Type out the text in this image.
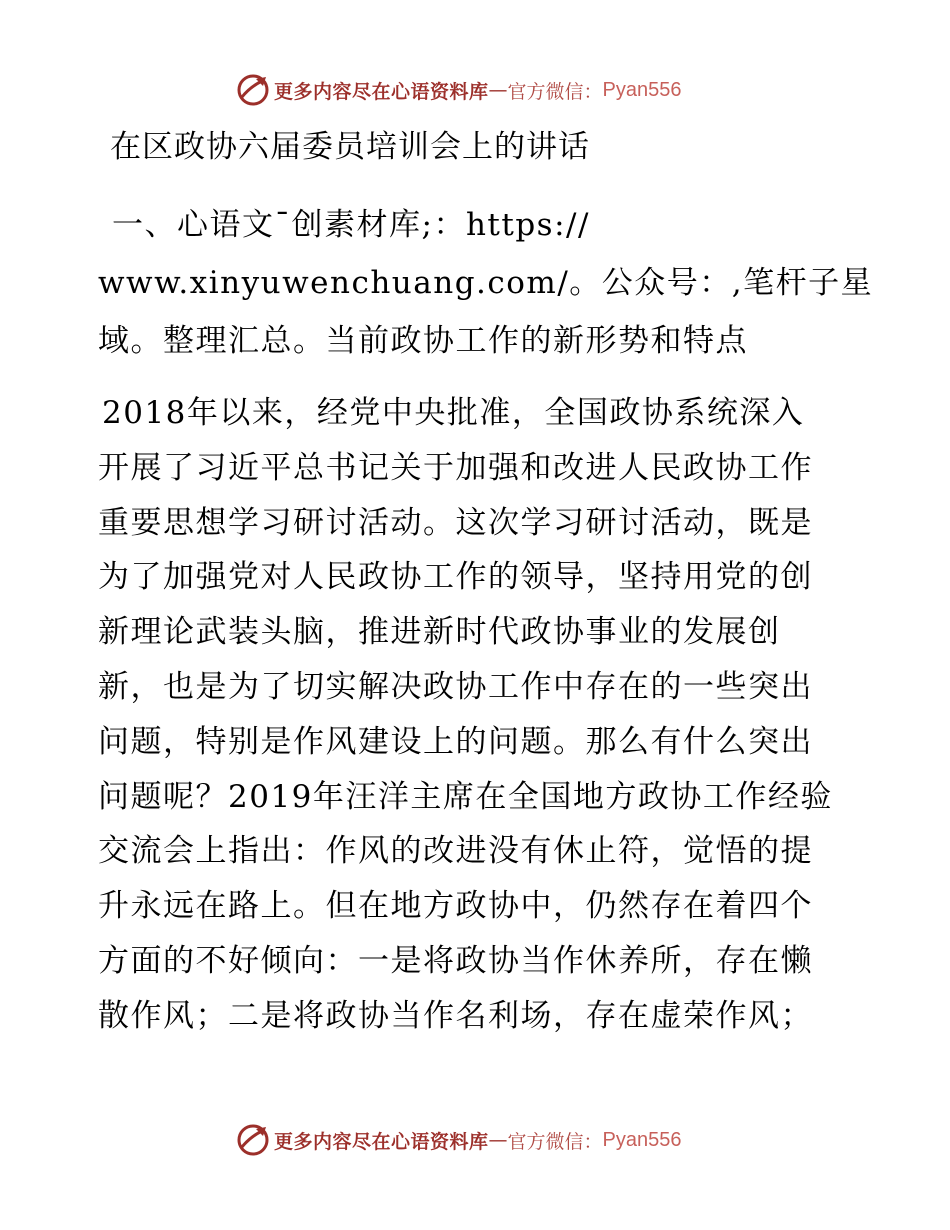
更多内容尽在心语资料库 — 官方微信： Pyan556
在区政协六届委员培训会上的讲话
一、心语文¯创素材库;：https://
www.xinyuwenchuang.com/。公众号：,笔杆子星
域。整理汇总。当前政协工作的新形势和特点
2018年以来，经党中央批准，全国政协系统深入
开展了习近平总书记关于加强和改进人民政协工作
重要思想学习研讨活动。这次学习研讨活动，既是
为了加强党对人民政协工作的领导，坚持用党的创
新理论武装头脑，推进新时代政协事业的发展创
新，也是为了切实解决政协工作中存在的一些突出
问题，特别是作风建设上的问题。那么有什么突出
问题呢？2019年汪洋主席在全国地方政协工作经验
交流会上指出：作风的改进没有休止符，觉悟的提
升永远在路上。但在地方政协中，仍然存在着四个
方面的不好倾向：一是将政协当作休养所，存在懒
散作风；二是将政协当作名利场，存在虚荣作风；
更多内容尽在心语资料库 — 官方微信： Pyan556
